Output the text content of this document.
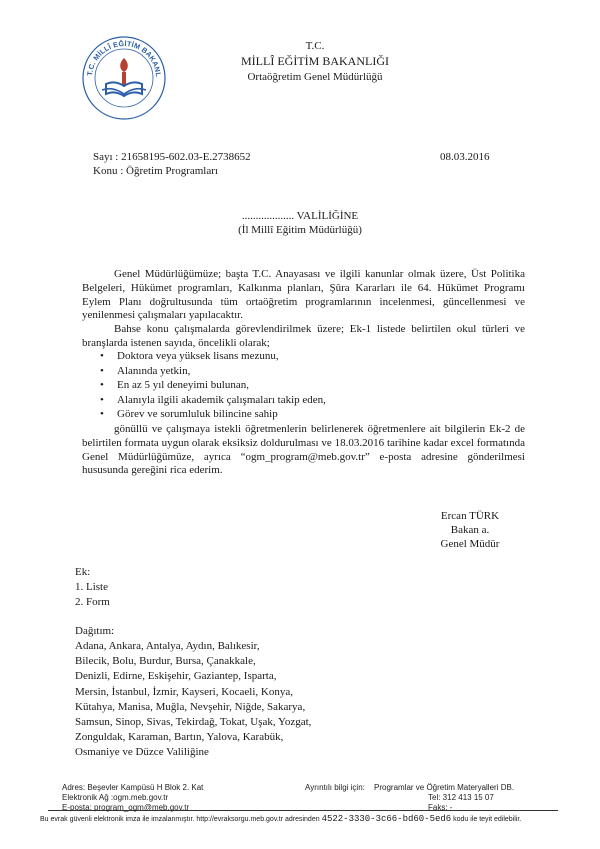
T.C. MİLLÎ EĞİTİM BAKANL
T.C.
MİLLÎ EĞİTİM BAKANLIĞI
Ortaöğretim Genel Müdürlüğü
Sayı : 21658195-602.03-E.2738652
Konu : Öğretim Programları
08.03.2016
................... VALİLİĞİNE
(İl Millî Eğitim Müdürlüğü)
Genel Müdürlüğümüze; başta T.C. Anayasası ve ilgili kanunlar olmak üzere, Üst Politika Belgeleri, Hükümet programları, Kalkınma planları, Şûra Kararları ile 64. Hükümet Programı Eylem Planı doğrultusunda tüm ortaöğretim programlarının incelenmesi, güncellenmesi ve yenilenmesi çalışmaları yapılacaktır.
Bahse konu çalışmalarda görevlendirilmek üzere; Ek-1 listede belirtilen okul türleri ve branşlarda istenen sayıda, öncelikli olarak;
• Doktora veya yüksek lisans mezunu,
• Alanında yetkin,
• En az 5 yıl deneyimi bulunan,
• Alanıyla ilgili akademik çalışmaları takip eden,
• Görev ve sorumluluk bilincine sahip
gönüllü ve çalışmaya istekli öğretmenlerin belirlenerek öğretmenlere ait bilgilerin Ek-2 de belirtilen formata uygun olarak eksiksiz doldurulması ve 18.03.2016 tarihine kadar excel formatında Genel Müdürlüğümüze, ayrıca “ogm_program@meb.gov.tr” e-posta adresine gönderilmesi hususunda gereğini rica ederim.
Ercan TÜRK
Bakan a.
Genel Müdür
Ek:
1. Liste
2. Form
Dağıtım:
Adana, Ankara, Antalya, Aydın, Balıkesir,
Bilecik, Bolu, Burdur, Bursa, Çanakkale,
Denizli, Edirne, Eskişehir, Gaziantep, Isparta,
Mersin, İstanbul, İzmir, Kayseri, Kocaeli, Konya,
Kütahya, Manisa, Muğla, Nevşehir, Niğde, Sakarya,
Samsun, Sinop, Sivas, Tekirdağ, Tokat, Uşak, Yozgat,
Zonguldak, Karaman, Bartın, Yalova, Karabük,
Osmaniye ve Düzce Valiliğine
Adres: Beşevler Kampüsü H Blok 2. Kat
Elektronik Ağ :ogm.meb.gov.tr
E-posta: program_ogm@meb.gov.tr
Ayrıntılı bilgi için: Programlar ve Öğretim Materyalleri DB.
Tel: 312 413 15 07
Faks: -
Bu evrak güvenli elektronik imza ile imzalanmıştır. http://evraksorgu.meb.gov.tr adresinden 4522-3330-3c66-bd60-5ed6 kodu ile teyit edilebilir.
